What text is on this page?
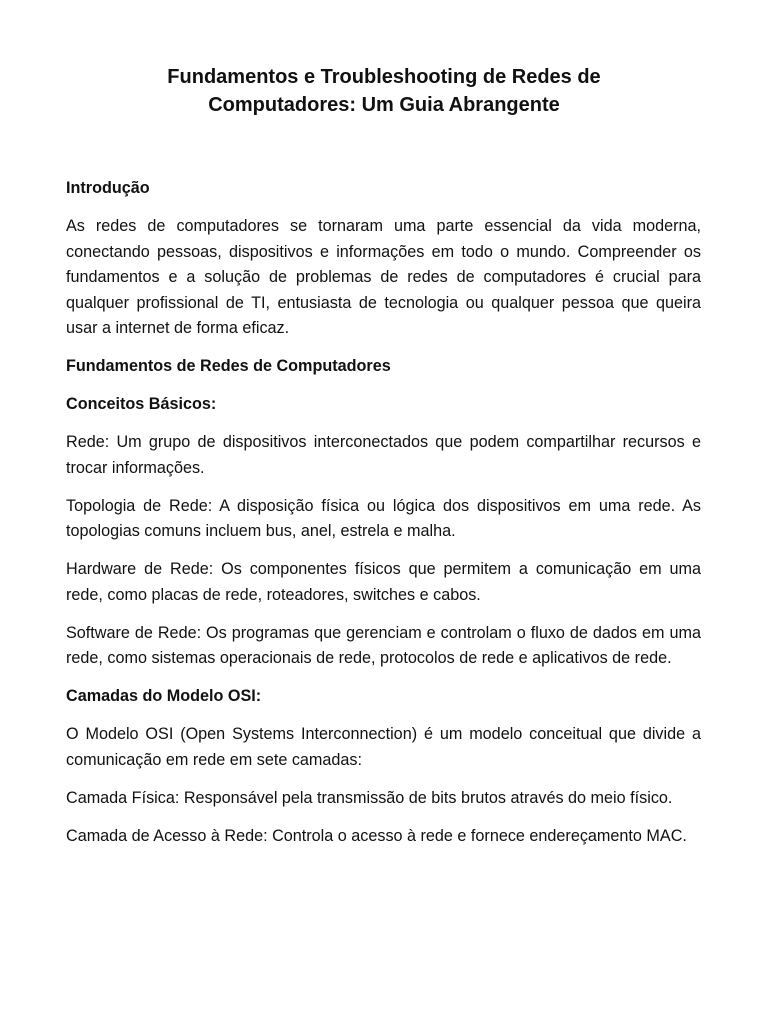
Fundamentos e Troubleshooting de Redes de
Computadores: Um Guia Abrangente
Introdução

As redes de computadores se tornaram uma parte essencial da vida moderna, conectando pessoas, dispositivos e informações em todo o mundo. Compreender os fundamentos e a solução de problemas de redes de computadores é crucial para qualquer profissional de TI, entusiasta de tecnologia ou qualquer pessoa que queira usar a internet de forma eficaz.

Fundamentos de Redes de Computadores
Conceitos Básicos:

Rede: Um grupo de dispositivos interconectados que podem compartilhar recursos e trocar informações.

Topologia de Rede: A disposição física ou lógica dos dispositivos em uma rede. As topologias comuns incluem bus, anel, estrela e malha.

Hardware de Rede: Os componentes físicos que permitem a comunicação em uma rede, como placas de rede, roteadores, switches e cabos.

Software de Rede: Os programas que gerenciam e controlam o fluxo de dados em uma rede, como sistemas operacionais de rede, protocolos de rede e aplicativos de rede.

Camadas do Modelo OSI:

O Modelo OSI (Open Systems Interconnection) é um modelo conceitual que divide a comunicação em rede em sete camadas:

Camada Física: Responsável pela transmissão de bits brutos através do meio físico.

Camada de Acesso à Rede: Controla o acesso à rede e fornece endereçamento MAC.
